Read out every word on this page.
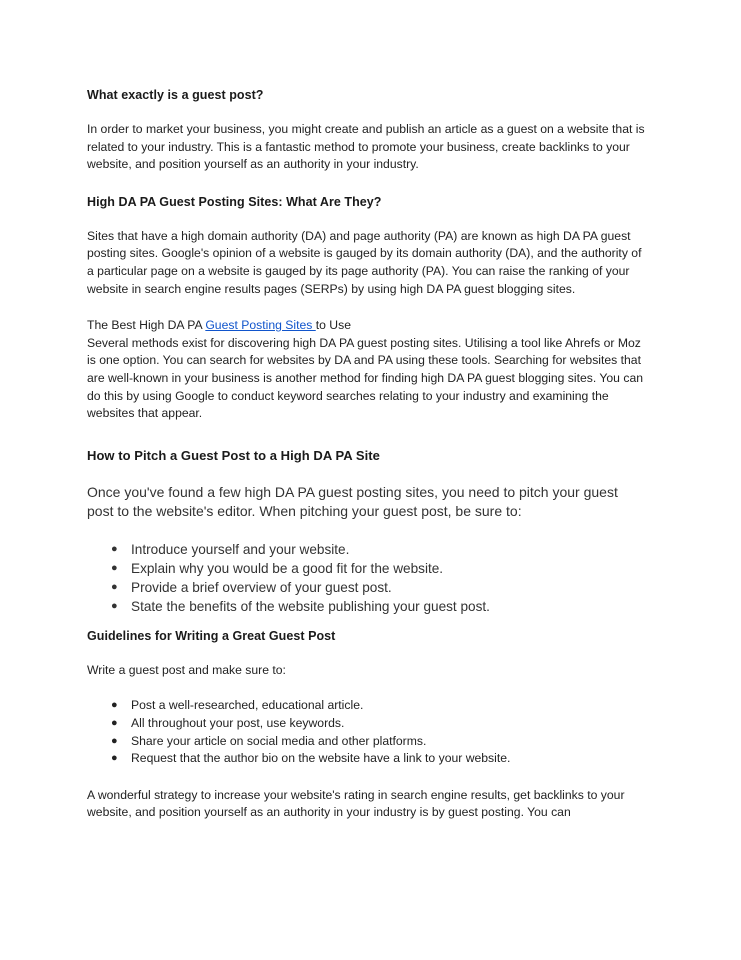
What exactly is a guest post?

In order to market your business, you might create and publish an article as a guest on a website that is related to your industry. This is a fantastic method to promote your business, create backlinks to your website, and position yourself as an authority in your industry.

High DA PA Guest Posting Sites: What Are They?

Sites that have a high domain authority (DA) and page authority (PA) are known as high DA PA guest posting sites. Google's opinion of a website is gauged by its domain authority (DA), and the authority of a particular page on a website is gauged by its page authority (PA). You can raise the ranking of your website in search engine results pages (SERPs) by using high DA PA guest blogging sites.

The Best High DA PA Guest Posting Sites to Use

Several methods exist for discovering high DA PA guest posting sites. Utilising a tool like Ahrefs or Moz is one option. You can search for websites by DA and PA using these tools. Searching for websites that are well-known in your business is another method for finding high DA PA guest blogging sites. You can do this by using Google to conduct keyword searches relating to your industry and examining the websites that appear.

How to Pitch a Guest Post to a High DA PA Site

Once you've found a few high DA PA guest posting sites, you need to pitch your guest post to the website's editor. When pitching your guest post, be sure to:

● Introduce yourself and your website.
● Explain why you would be a good fit for the website.
● Provide a brief overview of your guest post.
● State the benefits of the website publishing your guest post.
Guidelines for Writing a Great Guest Post

Write a guest post and make sure to:

● Post a well-researched, educational article.
● All throughout your post, use keywords.
● Share your article on social media and other platforms.
● Request that the author bio on the website have a link to your website.

A wonderful strategy to increase your website's rating in search engine results, get backlinks to your website, and position yourself as an authority in your industry is by guest posting. You can
